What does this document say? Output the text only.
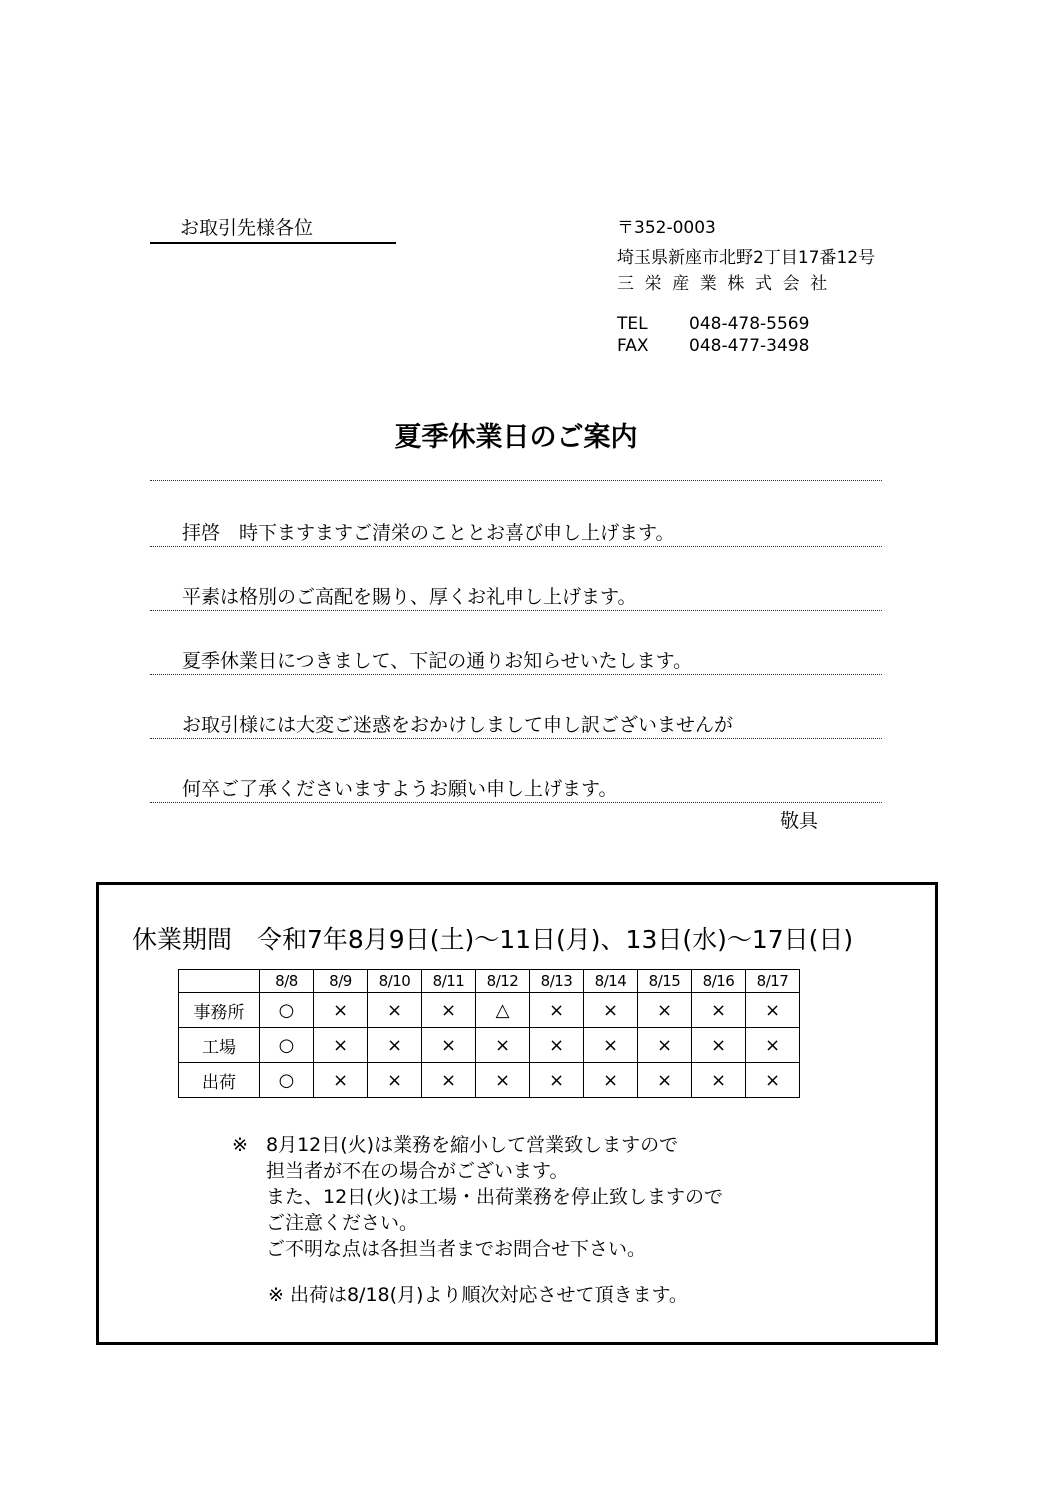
お取引先様各位	〒352-0003
埼玉県新座市北野2丁目17番12号
三栄産業株式会社
TEL 048-478-5569
FAX 048-477-3498
夏季休業日のご案内
拝啓　時下ますますご清栄のこととお喜び申し上げます。
平素は格別のご高配を賜り、厚くお礼申し上げます。
夏季休業日につきまして、下記の通りお知らせいたします。
お取引様には大変ご迷惑をおかけしまして申し訳ございませんが
何卒ご了承くださいますようお願い申し上げます。
敬具
休業期間　令和7年8月9日(土)～11日(月)、13日(水)～17日(日)
	8/8	8/9	8/10	8/11	8/12	8/13	8/14	8/15	8/16	8/17
事務所	○	×	×	×	△	×	×	×	×	×
工場	○	×	×	×	×	×	×	×	×	×
出荷	○	×	×	×	×	×	×	×	×	×
※ 8月12日(火)は業務を縮小して営業致しますので
担当者が不在の場合がございます。
また、12日(火)は工場・出荷業務を停止致しますので
ご注意ください。
ご不明な点は各担当者までお問合せ下さい。
※ 出荷は8/18(月)より順次対応させて頂きます。
